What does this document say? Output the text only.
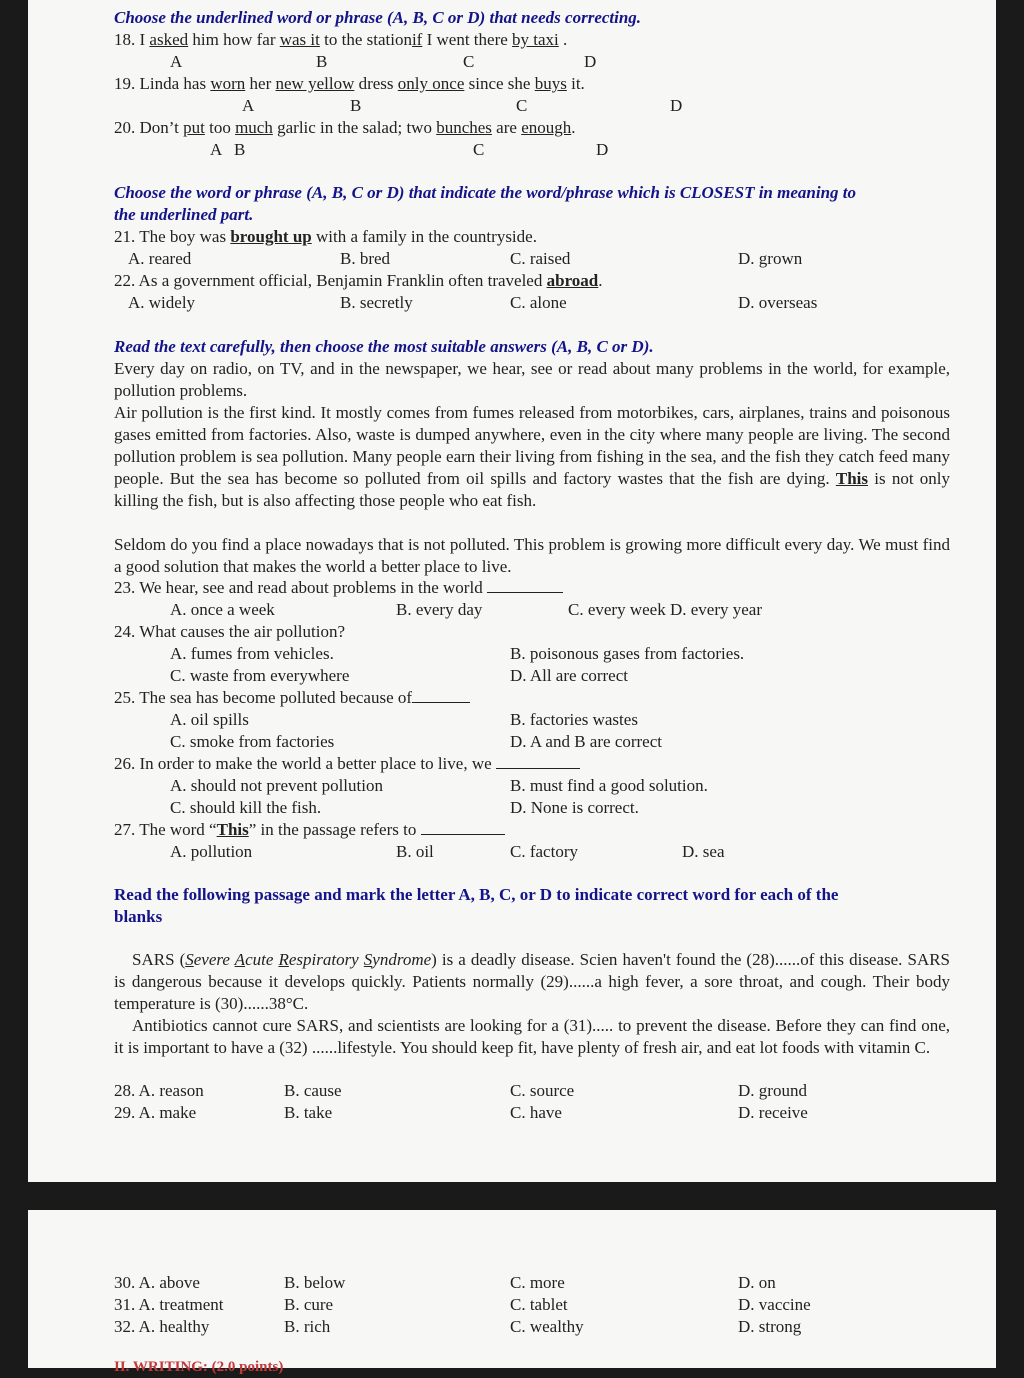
Choose the underlined word or phrase (A, B, C or D) that needs correcting.
18. I asked him how far was it to the stationif I went there by taxi .
A	B	C	D
19. Linda has worn her new yellow dress only once since she buys it.
A	B	C	D
20. Don’t put too much garlic in the salad; two bunches are enough.
A B	C	D
Choose the word or phrase (A, B, C or D) that indicate the word/phrase which is CLOSEST in meaning to
the underlined part.
21. The boy was brought up with a family in the countryside.
A. reared	B. bred	C. raised	D. grown
22. As a government official, Benjamin Franklin often traveled abroad.
A. widely	B. secretly	C. alone	D. overseas
Read the text carefully, then choose the most suitable answers (A, B, C or D).
Every day on radio, on TV, and in the newspaper, we hear, see or read about many problems in the world, for example, pollution problems.
Air pollution is the first kind. It mostly comes from fumes released from motorbikes, cars, airplanes, trains and poisonous gases emitted from factories. Also, waste is dumped anywhere, even in the city where many people are living. The second pollution problem is sea pollution. Many people earn their living from fishing in the sea, and the fish they catch feed many people. But the sea has become so polluted from oil spills and factory wastes that the fish are dying. This is not only killing the fish, but is also affecting those people who eat fish.
Seldom do you find a place nowadays that is not polluted. This problem is growing more difficult every day. We must find a good solution that makes the world a better place to live.
23. We hear, see and read about problems in the world
A. once a week	B. every day	C. every week D. every year
24. What causes the air pollution?
A. fumes from vehicles.	B. poisonous gases from factories.
C. waste from everywhere	D. All are correct
25. The sea has become polluted because of
A. oil spills	B. factories wastes
C. smoke from factories	D. A and B are correct
26. In order to make the world a better place to live, we
A. should not prevent pollution	B. must find a good solution.
C. should kill the fish.	D. None is correct.
27. The word “This” in the passage refers to
A. pollution	B. oil	C. factory	D. sea
Read the following passage and mark the letter A, B, C, or D to indicate correct word for each of the
blanks
SARS (Severe Acute Respiratory Syndrome) is a deadly disease. Scien haven't found the (28)......of this disease. SARS is dangerous because it develops quickly. Patients normally (29)......a high fever, a sore throat, and cough. Their body temperature is (30)......38°C.
Antibiotics cannot cure SARS, and scientists are looking for a (31)..... to prevent the disease. Before they can find one, it is important to have a (32) ......lifestyle. You should keep fit, have plenty of fresh air, and eat lot foods with vitamin C.
28. A. reason	B. cause	C. source	D. ground
29. A. make	B. take	C. have	D. receive
30. A. above	B. below	C. more	D. on
31. A. treatment	B. cure	C. tablet	D. vaccine
32. A. healthy	B. rich	C. wealthy	D. strong
II. WRITING: (2.0 points)
